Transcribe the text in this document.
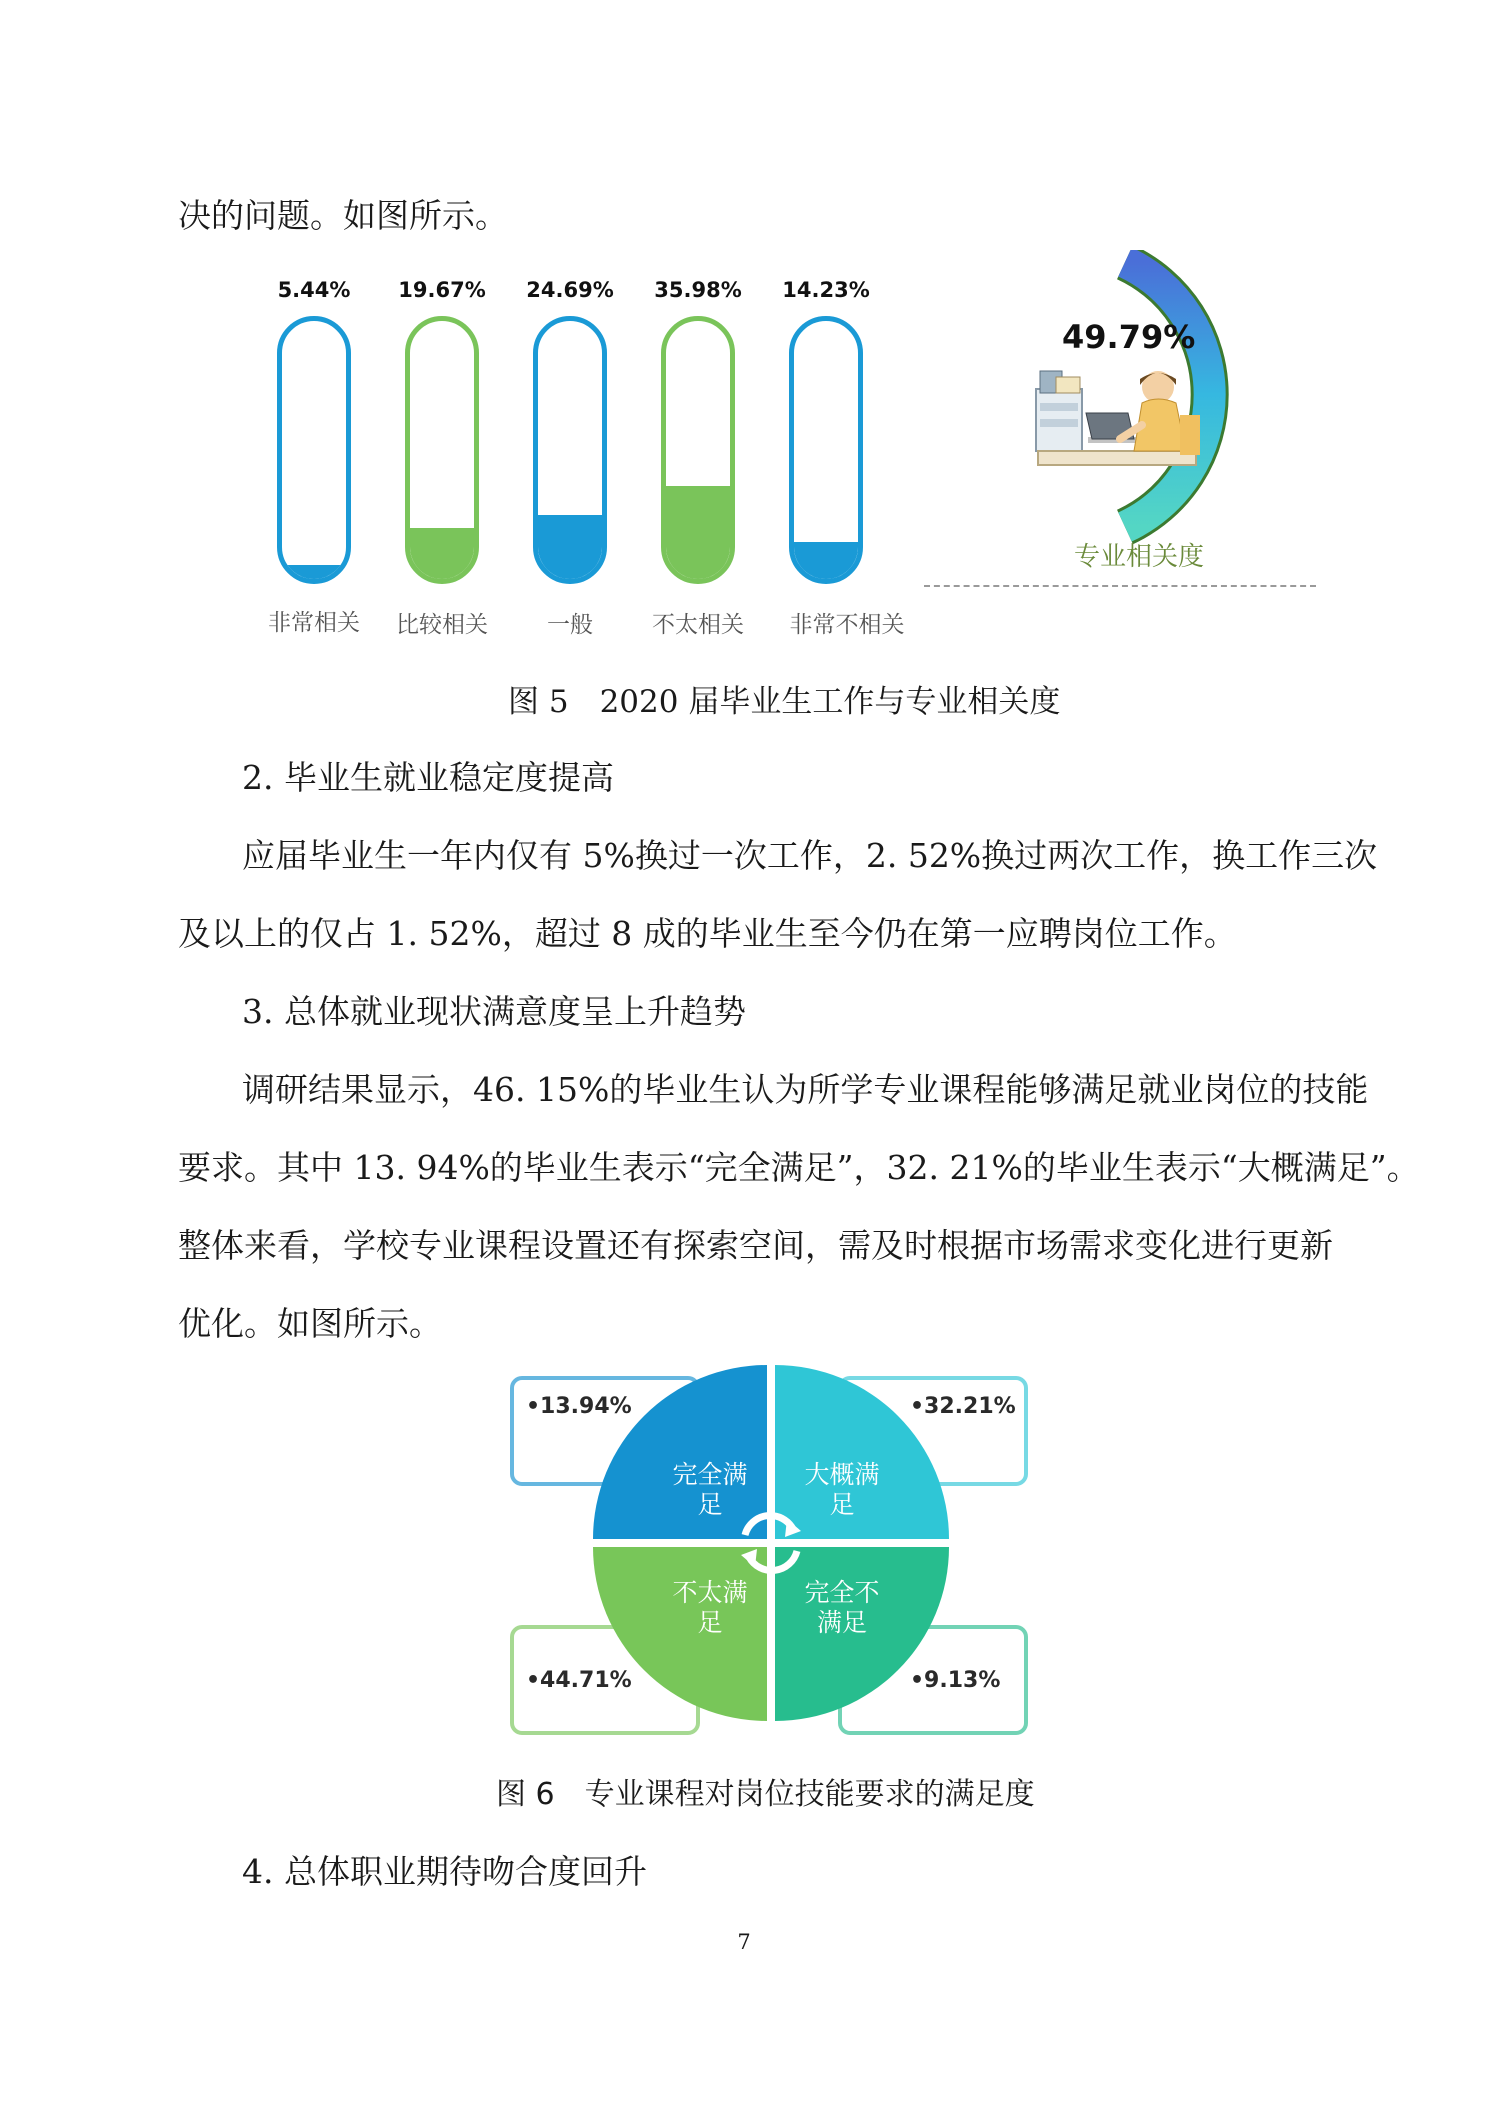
决的问题。如图所示。

5.44%	19.67%	24.69%	35.98%	14.23%
非常相关	比较相关	一般	不太相关	非常不相关
49.79%
专业相关度
图 5　2020 届毕业生工作与专业相关度

2. 毕业生就业稳定度提高

应届毕业生一年内仅有 5%换过一次工作，2. 52%换过两次工作，换工作三次

及以上的仅占 1. 52%，超过 8 成的毕业生至今仍在第一应聘岗位工作。

3. 总体就业现状满意度呈上升趋势

调研结果显示，46. 15%的毕业生认为所学专业课程能够满足就业岗位的技能

要求。其中 13. 94%的毕业生表示“完全满足”，32. 21%的毕业生表示“大概满足”。

整体来看，学校专业课程设置还有探索空间，需及时根据市场需求变化进行更新

优化。如图所示。

•13.94%	•32.21%
•44.71%	•9.13%
完全满
足
大概满
足
不太满
足
完全不
满足
图 6　专业课程对岗位技能要求的满足度

4. 总体职业期待吻合度回升

7
